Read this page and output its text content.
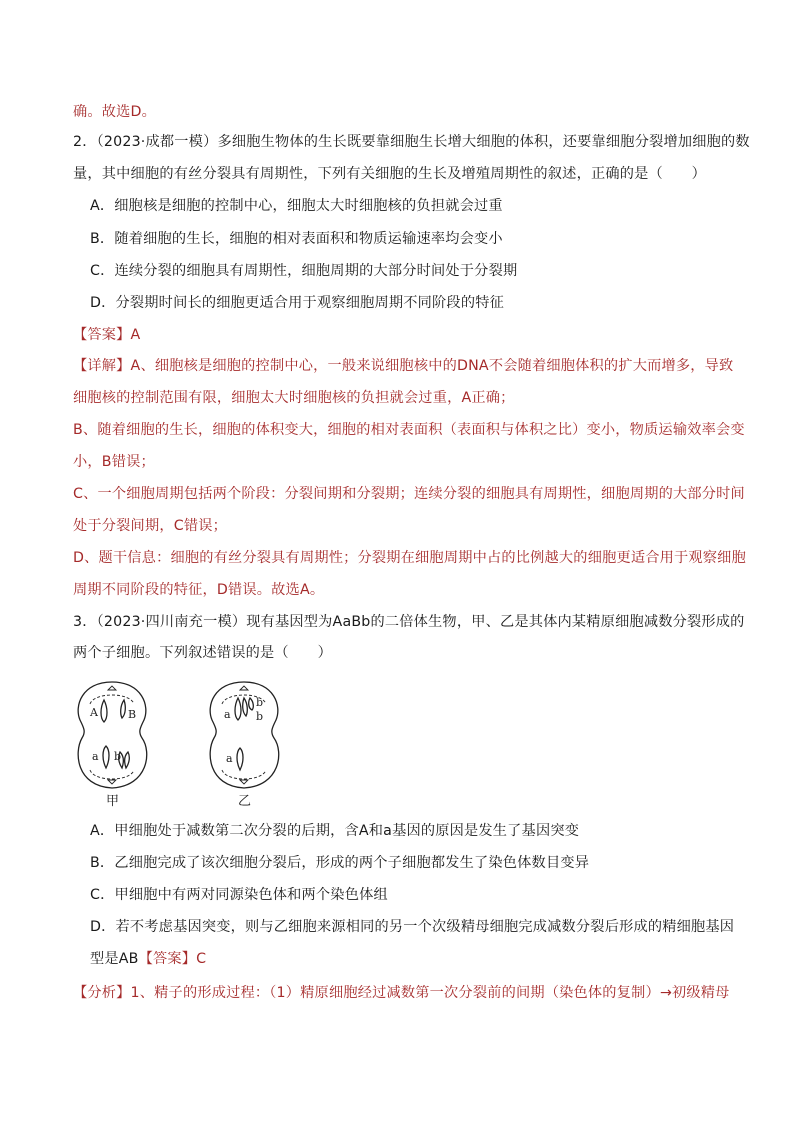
确。故选D。
2．（2023·成都一模）多细胞生物体的生长既要靠细胞生长增大细胞的体积，还要靠细胞分裂增加细胞的数
量，其中细胞的有丝分裂具有周期性，下列有关细胞的生长及增殖周期性的叙述，正确的是（　　）
A．细胞核是细胞的控制中心，细胞太大时细胞核的负担就会过重
B．随着细胞的生长，细胞的相对表面积和物质运输速率均会变小
C．连续分裂的细胞具有周期性，细胞周期的大部分时间处于分裂期
D．分裂期时间长的细胞更适合用于观察细胞周期不同阶段的特征
【答案】A
【详解】A、细胞核是细胞的控制中心，一般来说细胞核中的DNA不会随着细胞体积的扩大而增多，导致
细胞核的控制范围有限，细胞太大时细胞核的负担就会过重，A正确；
B、随着细胞的生长，细胞的体积变大，细胞的相对表面积（表面积与体积之比）变小，物质运输效率会变
小，B错误；
C、一个细胞周期包括两个阶段：分裂间期和分裂期；连续分裂的细胞具有周期性，细胞周期的大部分时间
处于分裂间期，C错误；
D、题干信息：细胞的有丝分裂具有周期性；分裂期在细胞周期中占的比例越大的细胞更适合用于观察细胞
周期不同阶段的特征，D错误。故选A。
3．（2023·四川南充一模）现有基因型为AaBb的二倍体生物，甲、乙是其体内某精原细胞减数分裂形成的
两个子细胞。下列叙述错误的是（　　）
A	B
a b
a
b
b
a
甲	乙
A．甲细胞处于减数第二次分裂的后期，含A和a基因的原因是发生了基因突变
B．乙细胞完成了该次细胞分裂后，形成的两个子细胞都发生了染色体数目变异
C．甲细胞中有两对同源染色体和两个染色体组
D．若不考虑基因突变，则与乙细胞来源相同的另一个次级精母细胞完成减数分裂后形成的精细胞基因
型是AB【答案】C
【分析】1、精子的形成过程：（1）精原细胞经过减数第一次分裂前的间期（染色体的复制）→初级精母
